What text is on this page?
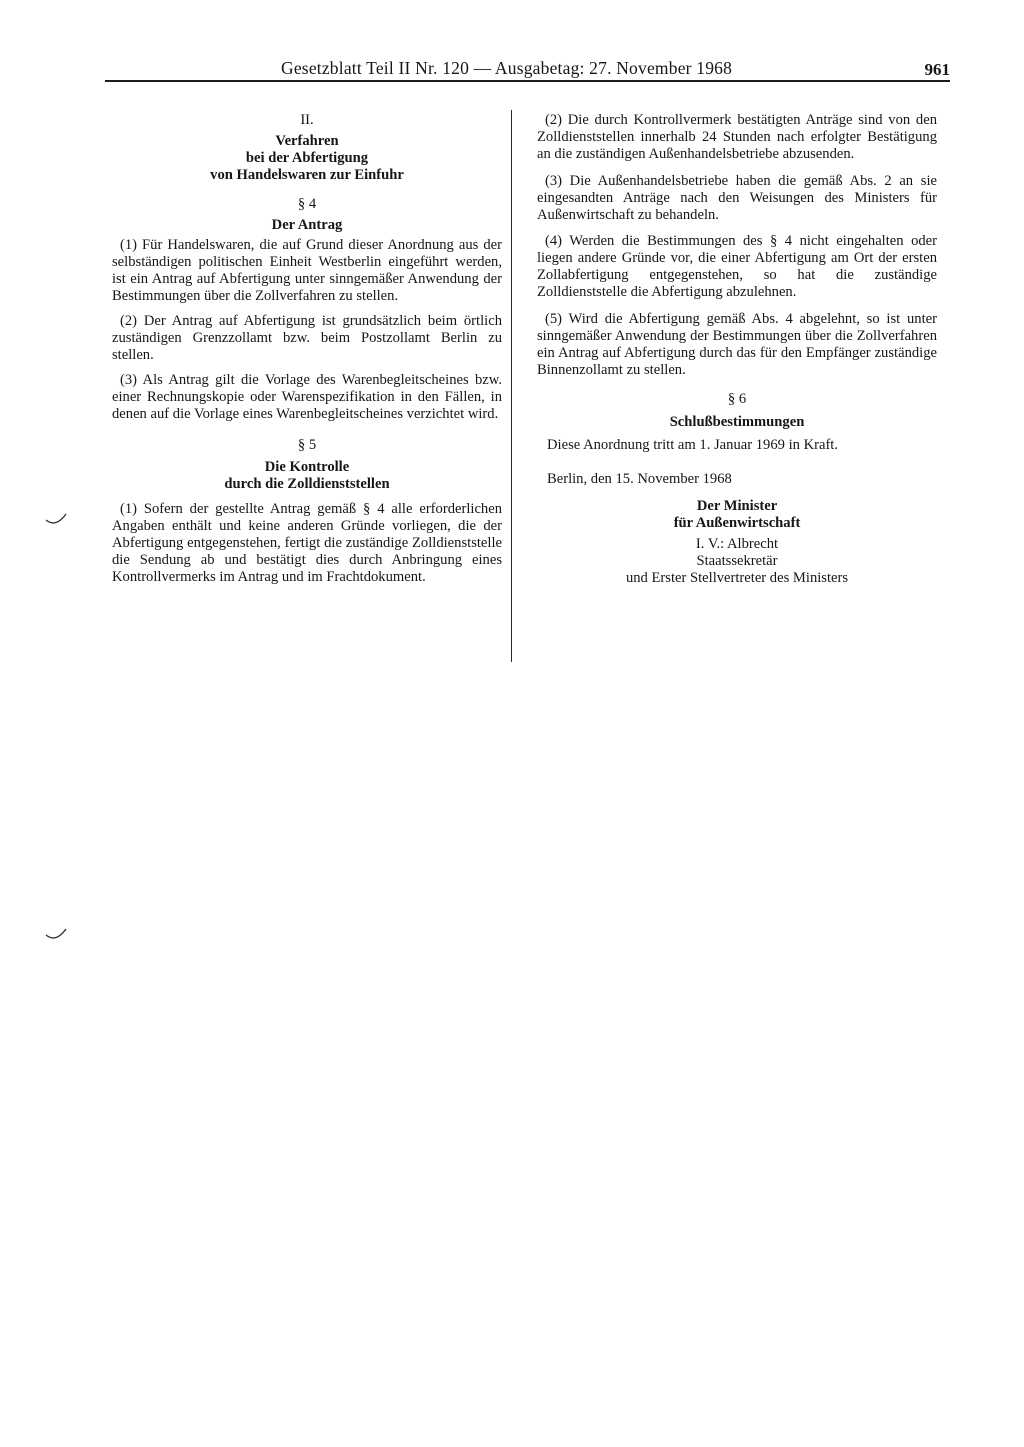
Gesetzblatt Teil II Nr. 120 — Ausgabetag: 27. November 1968	961

II.

Verfahren

bei der Abfertigung

von Handelswaren zur Einfuhr

§ 4

Der Antrag

(1) Für Handelswaren, die auf Grund dieser Anordnung aus der selbständigen politischen Einheit Westberlin eingeführt werden, ist ein Antrag auf Abfertigung unter sinngemäßer Anwendung der Bestimmungen über die Zollverfahren zu stellen.

(2) Der Antrag auf Abfertigung ist grundsätzlich beim örtlich zuständigen Grenzzollamt bzw. beim Postzollamt Berlin zu stellen.

(3) Als Antrag gilt die Vorlage des Warenbegleitscheines bzw. einer Rechnungskopie oder Warenspezifikation in den Fällen, in denen auf die Vorlage eines Warenbegleitscheines verzichtet wird.

§ 5

Die Kontrolle

durch die Zolldienststellen

(1) Sofern der gestellte Antrag gemäß § 4 alle erforderlichen Angaben enthält und keine anderen Gründe vorliegen, die der Abfertigung entgegenstehen, fertigt die zuständige Zolldienststelle die Sendung ab und bestätigt dies durch Anbringung eines Kontrollvermerks im Antrag und im Frachtdokument.

(2) Die durch Kontrollvermerk bestätigten Anträge sind von den Zolldienststellen innerhalb 24 Stunden nach erfolgter Bestätigung an die zuständigen Außenhandelsbetriebe abzusenden.

(3) Die Außenhandelsbetriebe haben die gemäß Abs. 2 an sie eingesandten Anträge nach den Weisungen des Ministers für Außenwirtschaft zu behandeln.

(4) Werden die Bestimmungen des § 4 nicht eingehalten oder liegen andere Gründe vor, die einer Abfertigung am Ort der ersten Zollabfertigung entgegenstehen, so hat die zuständige Zolldienststelle die Abfertigung abzulehnen.

(5) Wird die Abfertigung gemäß Abs. 4 abgelehnt, so ist unter sinngemäßer Anwendung der Bestimmungen über die Zollverfahren ein Antrag auf Abfertigung durch das für den Empfänger zuständige Binnenzollamt zu stellen.

§ 6

Schlußbestimmungen

Diese Anordnung tritt am 1. Januar 1969 in Kraft.

Berlin, den 15. November 1968

Der Minister

für Außenwirtschaft

I. V.: Albrecht

Staatssekretär

und Erster Stellvertreter des Ministers
